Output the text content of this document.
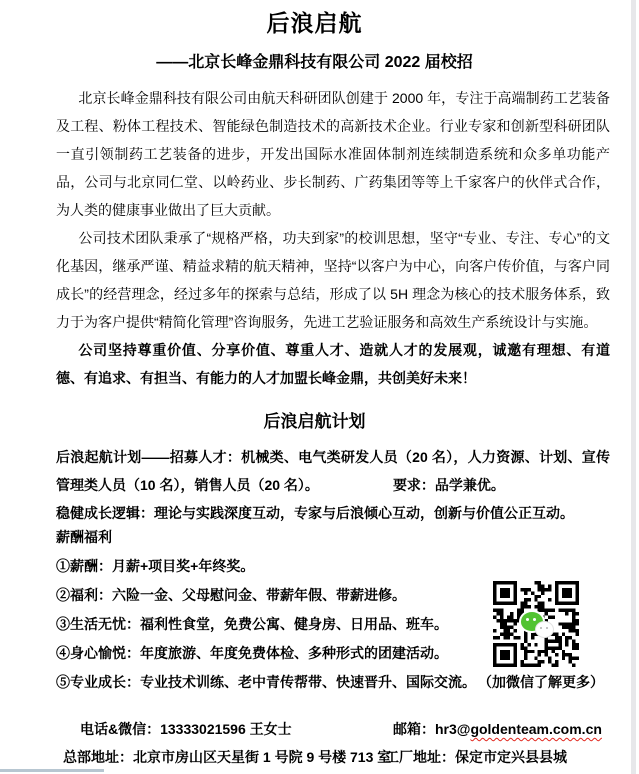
后浪启航
——北京长峰金鼎科技有限公司 2022 届校招

北京长峰金鼎科技有限公司由航天科研团队创建于 2000 年，专注于高端制药工艺装备及工程、粉体工程技术、智能绿色制造技术的高新技术企业。行业专家和创新型科研团队一直引领制药工艺装备的进步，开发出国际水准固体制剂连续制造系统和众多单功能产品，公司与北京同仁堂、以岭药业、步长制药、广药集团等等上千家客户的伙伴式合作，为人类的健康事业做出了巨大贡献。

公司技术团队秉承了“规格严格，功夫到家”的校训思想，坚守“专业、专注、专心”的文化基因，继承严谨、精益求精的航天精神，坚持“以客户为中心，向客户传价值，与客户同成长”的经营理念，经过多年的探索与总结，形成了以 5H 理念为核心的技术服务体系，致力于为客户提供“精简化管理”咨询服务，先进工艺验证服务和高效生产系统设计与实施。

公司坚持尊重价值、分享价值、尊重人才、造就人才的发展观，诚邀有理想、有道德、有追求、有担当、有能力的人才加盟长峰金鼎，共创美好未来！

后浪启航计划

后浪起航计划——招募人才：机械类、电气类研发人员（20 名），人力资源、计划、宣传管理类人员（10 名），销售人员（20 名）。	要求：品学兼优。

稳健成长逻辑：理论与实践深度互动，专家与后浪倾心互动，创新与价值公正互动。

薪酬福利
①薪酬：月薪+项目奖+年终奖。
②福利：六险一金、父母慰问金、带薪年假、带薪进修。
③生活无忧：福利性食堂，免费公寓、健身房、日用品、班车。
④身心愉悦：年度旅游、年度免费体检、多种形式的团建活动。
⑤专业成长：专业技术训练、老中青传帮带、快速晋升、国际交流。 （加微信了解更多）
电话&微信：13333021596 王女士	邮箱：hr3@goldenteam.com.cn
总部地址：北京市房山区天星街 1 号院 9 号楼 713 室
工厂地址：保定市定兴县县城
